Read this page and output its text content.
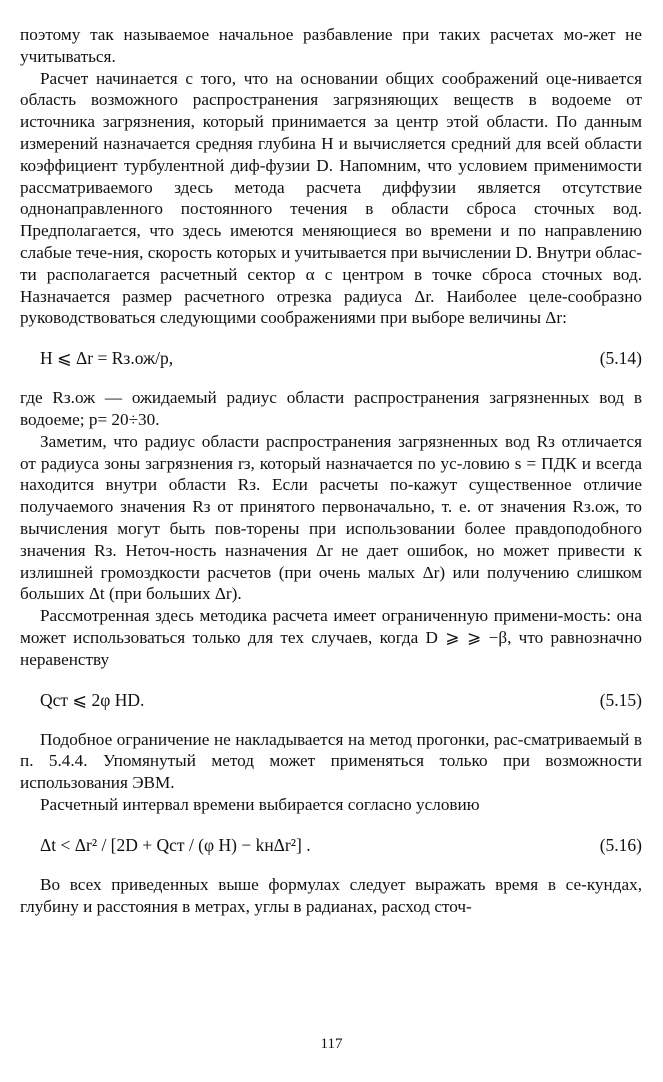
поэтому так называемое начальное разбавление при таких расчетах мо-жет не учитываться.

Расчет начинается с того, что на основании общих соображений оце-нивается область возможного распространения загрязняющих веществ в водоеме от источника загрязнения, который принимается за центр этой области. По данным измерений назначается средняя глубина H и вычисляется средний для всей области коэффициент турбулентной диф-фузии D. Напомним, что условием применимости рассматриваемого здесь метода расчета диффузии является отсутствие однонаправленного постоянного течения в области сброса сточных вод. Предполагается, что здесь имеются меняющиеся во времени и по направлению слабые тече-ния, скорость которых и учитывается при вычислении D. Внутри облас-ти располагается расчетный сектор α с центром в точке сброса сточных вод. Назначается размер расчетного отрезка радиуса Δr. Наиболее целе-сообразно руководствоваться следующими соображениями при выборе величины Δr:

H ⩽ Δr = Rз.ож/p,	(5.14)

где Rз.ож — ожидаемый радиус области распространения загрязненных вод в водоеме; p= 20÷30.

Заметим, что радиус области распространения загрязненных вод Rз отличается от радиуса зоны загрязнения rз, который назначается по ус-ловию s = ПДК и всегда находится внутри области Rз. Если расчеты по-кажут существенное отличие получаемого значения Rз от принятого первоначально, т. е. от значения Rз.ож, то вычисления могут быть пов-торены при использовании более правдоподобного значения Rз. Неточ-ность назначения Δr не дает ошибок, но может привести к излишней громоздкости расчетов (при очень малых Δr) или получению слишком больших Δt (при больших Δr).

Рассмотренная здесь методика расчета имеет ограниченную примени-мость: она может использоваться только для тех случаев, когда D ⩾ ⩾ −β, что равнозначно неравенству

Qст ⩽ 2φ HD.	(5.15)

Подобное ограничение не накладывается на метод прогонки, рас-сматриваемый в п. 5.4.4. Упомянутый метод может применяться только при возможности использования ЭВМ.

Расчетный интервал времени выбирается согласно условию

Δt < Δr² / [2D + Qст / (φ H) − kнΔr²] .	(5.16)

Во всех приведенных выше формулах следует выражать время в се-кундах, глубину и расстояния в метрах, углы в радианах, расход сточ-

117
